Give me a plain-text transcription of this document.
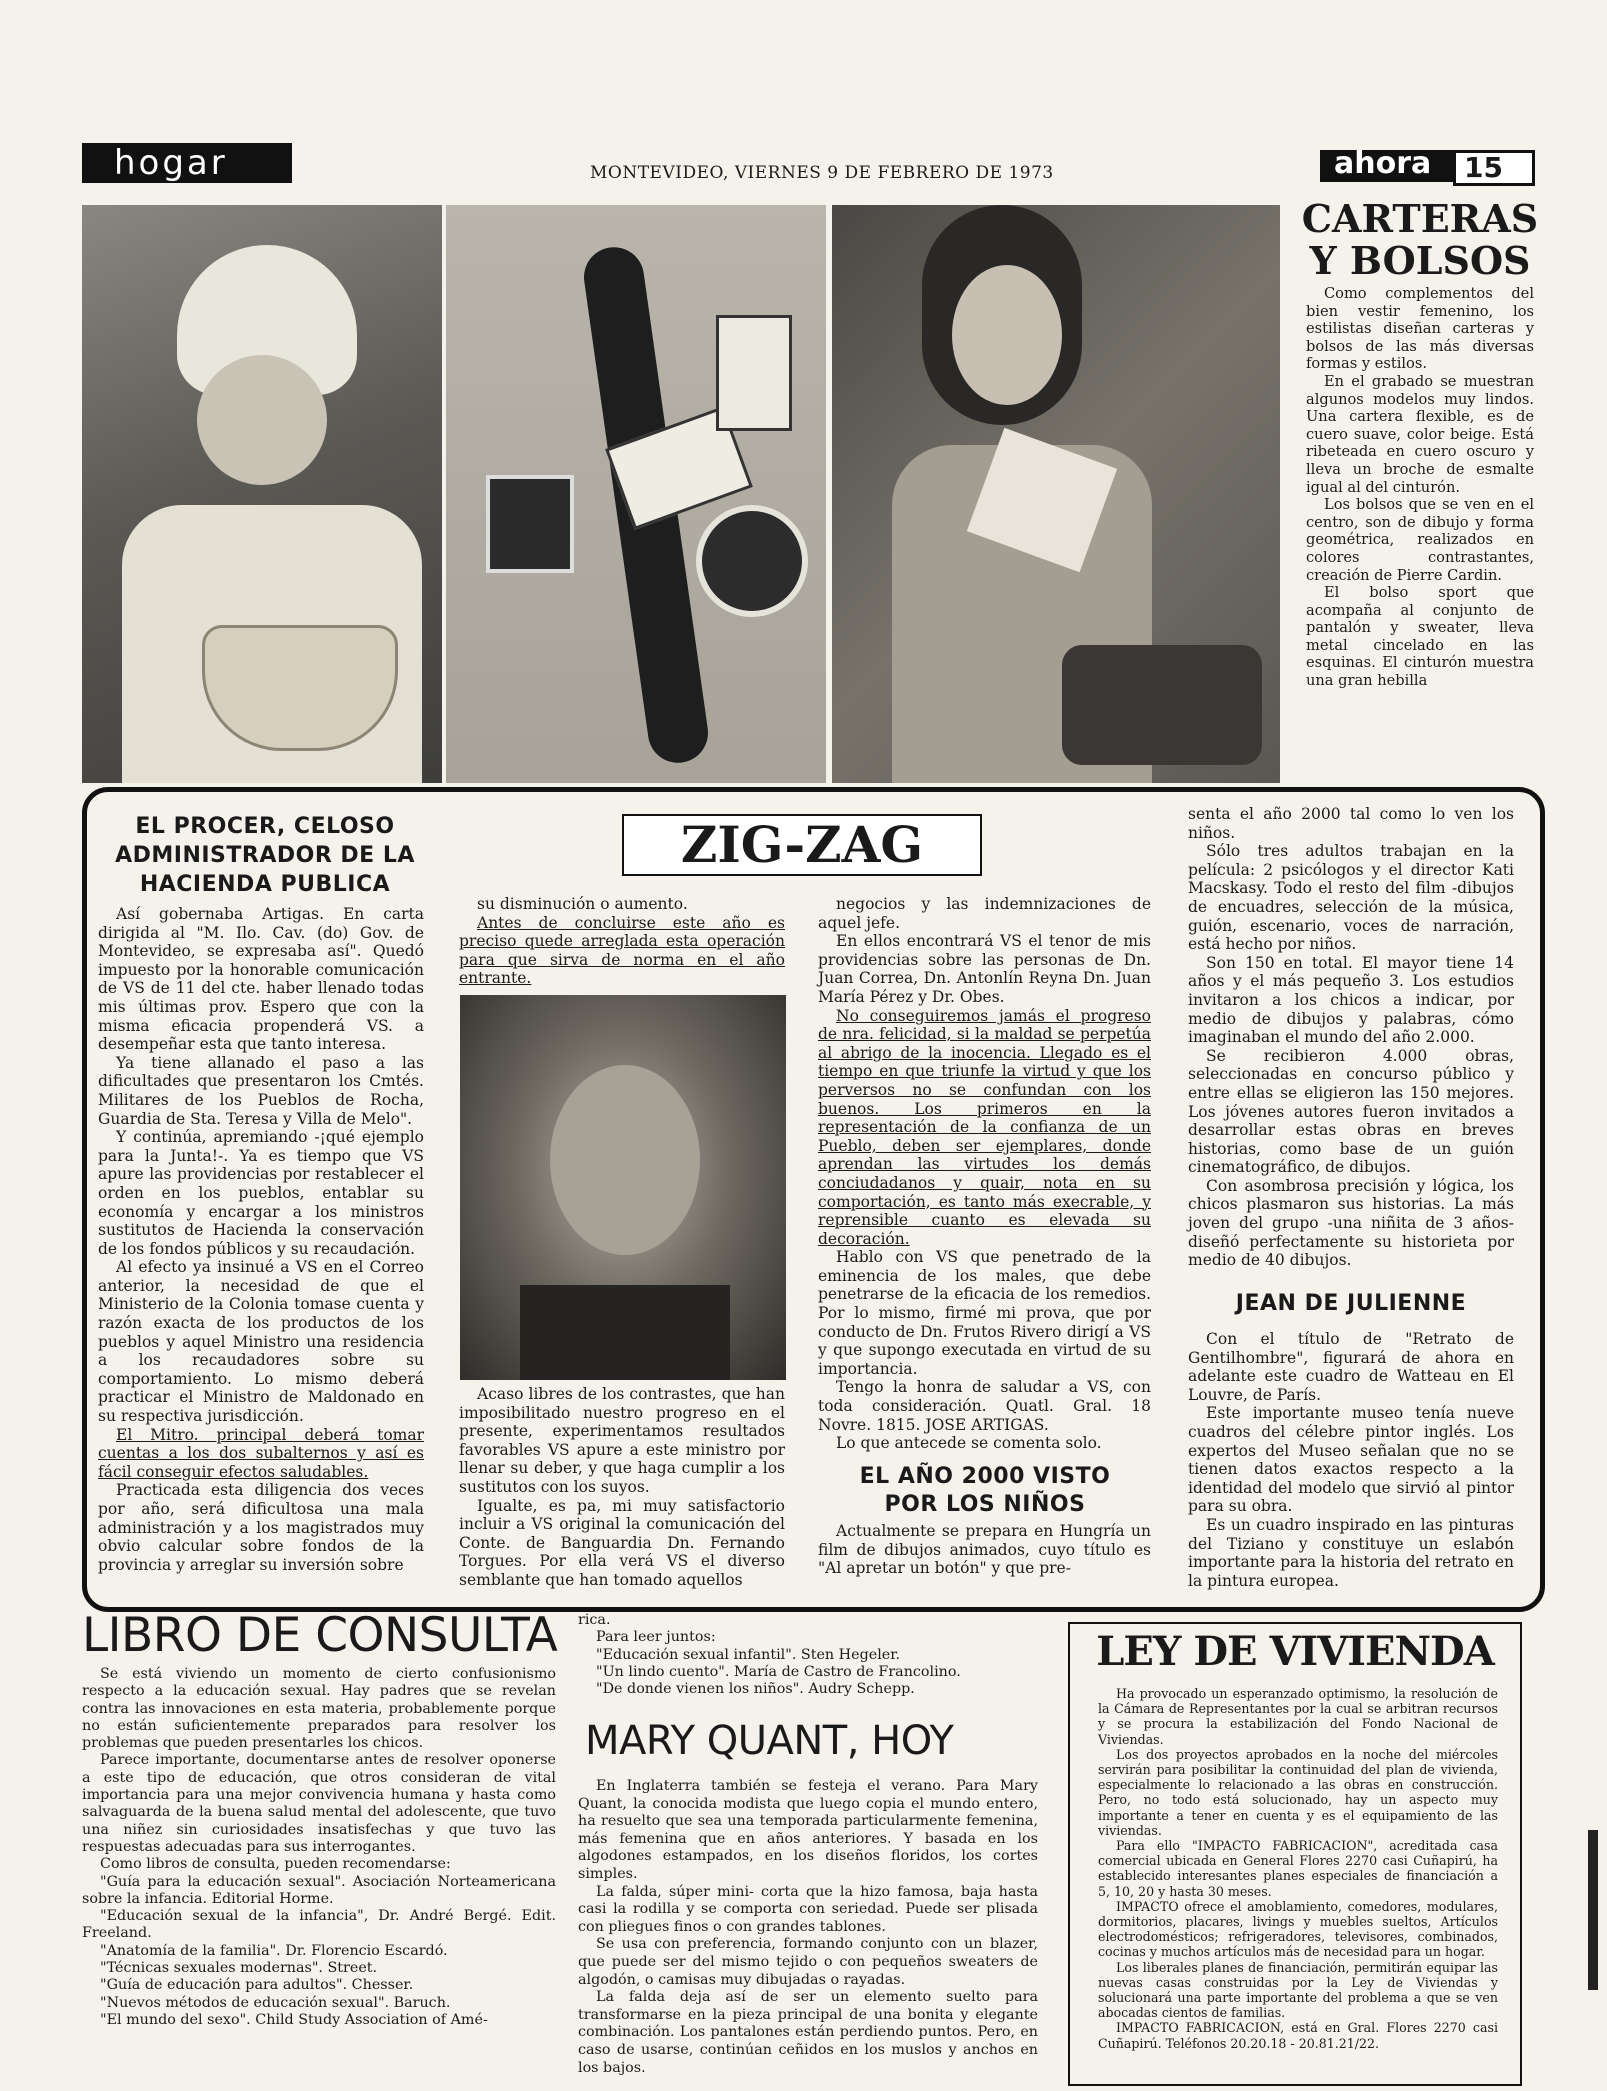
hogar	MONTEVIDEO, VIERNES 9 DE FEBRERO DE 1973	ahora 15
CARTERAS
Y BOLSOS

Como complementos del bien vestir femenino, los estilistas diseñan carteras y bolsos de las más diversas formas y estilos.

En el grabado se muestran algunos modelos muy lindos. Una cartera flexible, es de cuero suave, color beige. Está ribeteada en cuero oscuro y lleva un broche de esmalte igual al del cinturón.

Los bolsos que se ven en el centro, son de dibujo y forma geométrica, realizados en colores contrastantes, creación de Pierre Cardin.

El bolso sport que acompaña al conjunto de pantalón y sweater, lleva metal cincelado en las esquinas. El cinturón muestra una gran hebilla

ZIG-ZAG
EL PROCER, CELOSO ADMINISTRADOR DE LA HACIENDA PUBLICA

Así gobernaba Artigas. En carta dirigida al "M. Ilo. Cav. (do) Gov. de Montevideo, se expresaba así". Quedó impuesto por la honorable comunicación de VS de 11 del cte. haber llenado todas mis últimas prov. Espero que con la misma eficacia propenderá VS. a desempeñar esta que tanto interesa.

Ya tiene allanado el paso a las dificultades que presentaron los Cmtés. Militares de los Pueblos de Rocha, Guardia de Sta. Teresa y Villa de Melo".

Y continúa, apremiando -¡qué ejemplo para la Junta!-. Ya es tiempo que VS apure las providencias por restablecer el orden en los pueblos, entablar su economía y encargar a los ministros sustitutos de Hacienda la conservación de los fondos públicos y su recaudación.

Al efecto ya insinué a VS en el Correo anterior, la necesidad de que el Ministerio de la Colonia tomase cuenta y razón exacta de los productos de los pueblos y aquel Ministro una residencia a los recaudadores sobre su comportamiento. Lo mismo deberá practicar el Ministro de Maldonado en su respectiva jurisdicción.

El Mitro. principal deberá tomar cuentas a los dos subalternos y así es fácil conseguir efectos saludables.

Practicada esta diligencia dos veces por año, será dificultosa una mala administración y a los magistrados muy obvio calcular sobre fondos de la provincia y arreglar su inversión sobre

su disminución o aumento.

Antes de concluirse este año es preciso quede arreglada esta operación para que sirva de norma en el año entrante.

Acaso libres de los contrastes, que han imposibilitado nuestro progreso en el presente, experimentamos resultados favorables VS apure a este ministro por llenar su deber, y que haga cumplir a los sustitutos con los suyos.

Igualte, es pa, mi muy satisfactorio incluir a VS original la comunicación del Conte. de Banguardia Dn. Fernando Torgues. Por ella verá VS el diverso semblante que han tomado aquellos

negocios y las indemnizaciones de aquel jefe.

En ellos encontrará VS el tenor de mis providencias sobre las personas de Dn. Juan Correa, Dn. Antonlín Reyna Dn. Juan María Pérez y Dr. Obes.

No conseguiremos jamás el progreso de nra. felicidad, si la maldad se perpetúa al abrigo de la inocencia. Llegado es el tiempo en que triunfe la virtud y que los perversos no se confundan con los buenos. Los primeros en la representación de la confianza de un Pueblo, deben ser ejemplares, donde aprendan las virtudes los demás conciudadanos y quair, nota en su comportación, es tanto más execrable, y reprensible cuanto es elevada su decoración.

Hablo con VS que penetrado de la eminencia de los males, que debe penetrarse de la eficacia de los remedios. Por lo mismo, firmé mi prova, que por conducto de Dn. Frutos Rivero dirigí a VS y que supongo executada en virtud de su importancia.

Tengo la honra de saludar a VS, con toda consideración. Quatl. Gral. 18 Novre. 1815. JOSE ARTIGAS.

Lo que antecede se comenta solo.

EL AÑO 2000 VISTO POR LOS NIÑOS

Actualmente se prepara en Hungría un film de dibujos animados, cuyo título es "Al apretar un botón" y que pre-

senta el año 2000 tal como lo ven los niños.

Sólo tres adultos trabajan en la película: 2 psicólogos y el director Kati Macskasy. Todo el resto del film -dibujos de encuadres, selección de la música, guión, escenario, voces de narración, está hecho por niños.

Son 150 en total. El mayor tiene 14 años y el más pequeño 3. Los estudios invitaron a los chicos a indicar, por medio de dibujos y palabras, cómo imaginaban el mundo del año 2.000.

Se recibieron 4.000 obras, seleccionadas en concurso público y entre ellas se eligieron las 150 mejores. Los jóvenes autores fueron invitados a desarrollar estas obras en breves historias, como base de un guión cinematográfico, de dibujos.

Con asombrosa precisión y lógica, los chicos plasmaron sus historias. La más joven del grupo -una niñita de 3 años- diseñó perfectamente su historieta por medio de 40 dibujos.

JEAN DE JULIENNE

Con el título de "Retrato de Gentilhombre", figurará de ahora en adelante este cuadro de Watteau en El Louvre, de París.

Este importante museo tenía nueve cuadros del célebre pintor inglés. Los expertos del Museo señalan que no se tienen datos exactos respecto a la identidad del modelo que sirvió al pintor para su obra.

Es un cuadro inspirado en las pinturas del Tiziano y constituye un eslabón importante para la historia del retrato en la pintura europea.

LIBRO DE CONSULTA

Se está viviendo un momento de cierto confusionismo respecto a la educación sexual. Hay padres que se revelan contra las innovaciones en esta materia, probablemente porque no están suficientemente preparados para resolver los problemas que pueden presentarles los chicos.

Parece importante, documentarse antes de resolver oponerse a este tipo de educación, que otros consideran de vital importancia para una mejor convivencia humana y hasta como salvaguarda de la buena salud mental del adolescente, que tuvo una niñez sin curiosidades insatisfechas y que tuvo las respuestas adecuadas para sus interrogantes.

Como libros de consulta, pueden recomendarse:

"Guía para la educación sexual". Asociación Norteamericana sobre la infancia. Editorial Horme.

"Educación sexual de la infancia", Dr. André Bergé. Edit. Freeland.

"Anatomía de la familia". Dr. Florencio Escardó.

"Técnicas sexuales modernas". Street.

"Guía de educación para adultos". Chesser.

"Nuevos métodos de educación sexual". Baruch.

"El mundo del sexo". Child Study Association of Amé-

rica.

Para leer juntos:

"Educación sexual infantil". Sten Hegeler.

"Un lindo cuento". María de Castro de Francolino.

"De donde vienen los niños". Audry Schepp.

MARY QUANT, HOY

En Inglaterra también se festeja el verano. Para Mary Quant, la conocida modista que luego copia el mundo entero, ha resuelto que sea una temporada particularmente femenina, más femenina que en años anteriores. Y basada en los algodones estampados, en los diseños floridos, los cortes simples.

La falda, súper mini- corta que la hizo famosa, baja hasta casi la rodilla y se comporta con seriedad. Puede ser plisada con pliegues finos o con grandes tablones.

Se usa con preferencia, formando conjunto con un blazer, que puede ser del mismo tejido o con pequeños sweaters de algodón, o camisas muy dibujadas o rayadas.

La falda deja así de ser un elemento suelto para transformarse en la pieza principal de una bonita y elegante combinación. Los pantalones están perdiendo puntos. Pero, en caso de usarse, continúan ceñidos en los muslos y anchos en los bajos.

LEY DE VIVIENDA

Ha provocado un esperanzado optimismo, la resolución de la Cámara de Representantes por la cual se arbitran recursos y se procura la estabilización del Fondo Nacional de Viviendas.

Los dos proyectos aprobados en la noche del miércoles servirán para posibilitar la continuidad del plan de vivienda, especialmente lo relacionado a las obras en construcción. Pero, no todo está solucionado, hay un aspecto muy importante a tener en cuenta y es el equipamiento de las viviendas.

Para ello "IMPACTO FABRICACION", acreditada casa comercial ubicada en General Flores 2270 casi Cuñapirú, ha establecido interesantes planes especiales de financiación a 5, 10, 20 y hasta 30 meses.

IMPACTO ofrece el amoblamiento, comedores, modulares, dormitorios, placares, livings y muebles sueltos, Artículos electrodomésticos; refrigeradores, televisores, combinados, cocinas y muchos artículos más de necesidad para un hogar.

Los liberales planes de financiación, permitirán equipar las nuevas casas construidas por la Ley de Viviendas y solucionará una parte importante del problema a que se ven abocadas cientos de familias.

IMPACTO FABRICACION, está en Gral. Flores 2270 casi Cuñapirú. Teléfonos 20.20.18 - 20.81.21/22.
